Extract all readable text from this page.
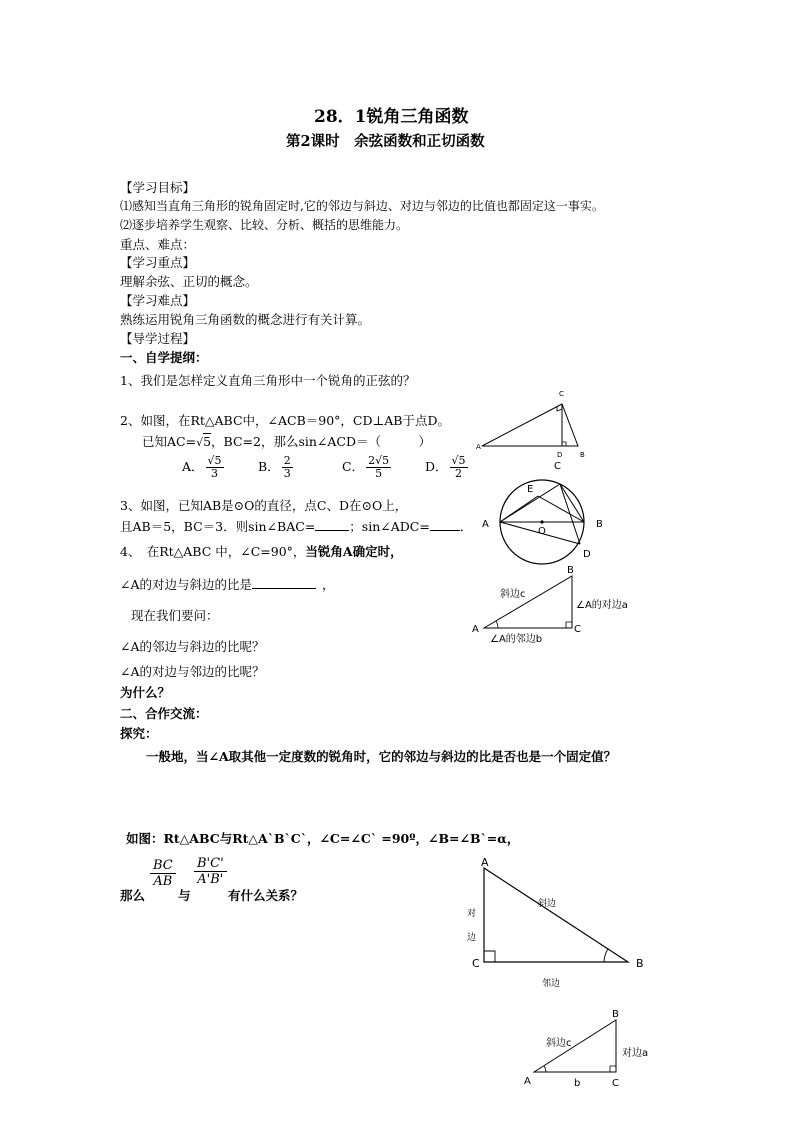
28．1锐角三角函数
第2课时　余弦函数和正切函数
【学习目标】
⑴感知当直角三角形的锐角固定时,它的邻边与斜边、对边与邻边的比值也都固定这一事实。
⑵逐步培养学生观察、比较、分析、概括的思维能力。
重点、难点：
【学习重点】
理解余弦、正切的概念。
【学习难点】
熟练运用锐角三角函数的概念进行有关计算。
【导学过程】
一、自学提纲：
1、我们是怎样定义直角三角形中一个锐角的正弦的？
2、如图，在Rt△ABC中，∠ACB＝90°，CD⊥AB于点D。
已知AC=√5，BC=2，那么sin∠ACD＝（　　　）
A． $\frac{√5}{3}$	B． $\frac{2}{3}$	C． $\frac{2√5}{5}$	D． $\frac{√5}{2}$
3、如图，已知AB是⊙O的直径，点C、D在⊙O上，
且AB＝5，BC＝3．则sin∠BAC=	；sin∠ADC= ．
4、　在Rt△ABC 中，∠C=90°，当锐角A确定时，
∠A的对边与斜边的比是	，
现在我们要问：
∠A的邻边与斜边的比呢？
∠A的对边与邻边的比呢？
为什么？
二、合作交流：
探究：
一般地，当∠A取其他一定度数的锐角时，它的邻边与斜边的比是否也是一个固定值？
如图：Rt△ABC与Rt△A`B`C`，∠C=∠C` =90º，∠B=∠B`=α，
BC
AB
B'C'
A'B'
那么	与	有什么关系？
A
C
D	B
A	B
C
D
E
O
A
B
C
斜边c
∠A的对边a
∠A的邻边b
A
C	B
斜边
对
边
邻边
A
B
C
斜边c
对边a
b
